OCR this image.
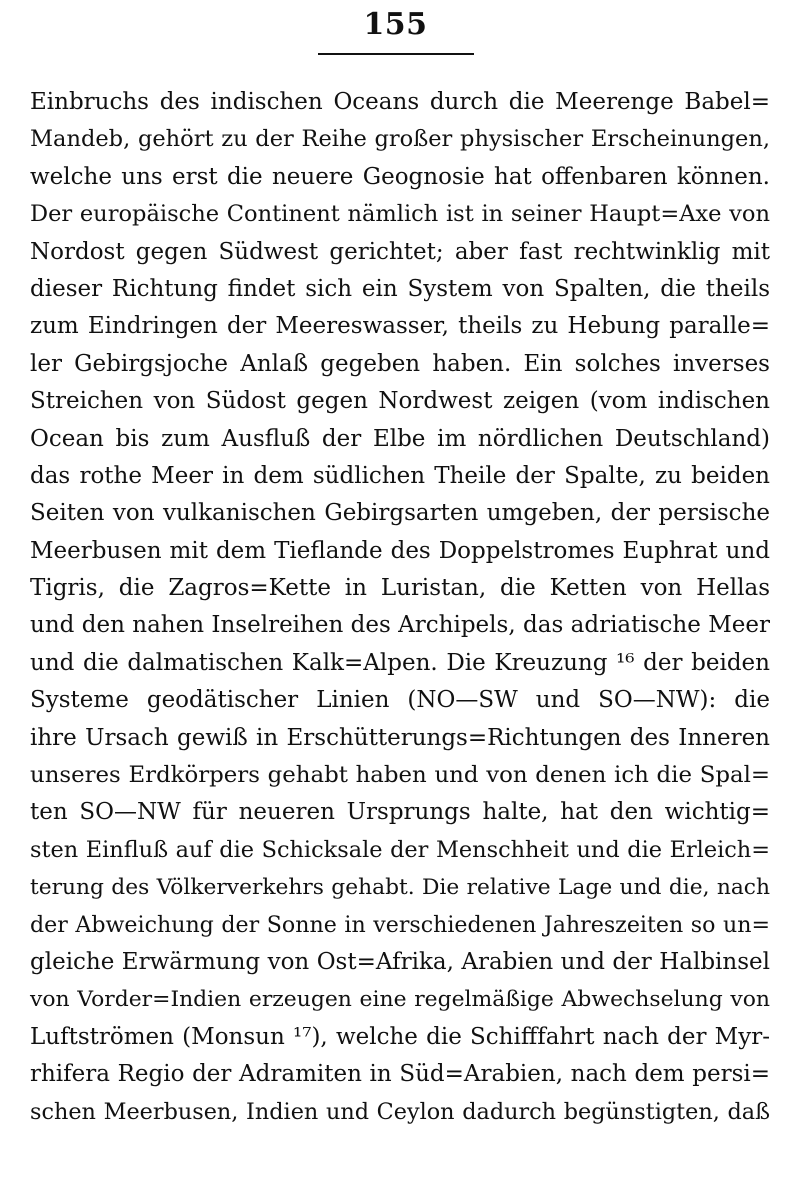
155
Einbruchs des indischen Oceans durch die Meerenge Babel=
Mandeb, gehört zu der Reihe großer physischer Erscheinungen,
welche uns erst die neuere Geognosie hat offenbaren können.
Der europäische Continent nämlich ist in seiner Haupt=Axe von
Nordost gegen Südwest gerichtet; aber fast rechtwinklig mit
dieser Richtung findet sich ein System von Spalten, die theils
zum Eindringen der Meereswasser, theils zu Hebung paralle=
ler Gebirgsjoche Anlaß gegeben haben. Ein solches inverses
Streichen von Südost gegen Nordwest zeigen (vom indischen
Ocean bis zum Ausfluß der Elbe im nördlichen Deutschland)
das rothe Meer in dem südlichen Theile der Spalte, zu beiden
Seiten von vulkanischen Gebirgsarten umgeben, der persische
Meerbusen mit dem Tieflande des Doppelstromes Euphrat und
Tigris, die Zagros=Kette in Luristan, die Ketten von Hellas
und den nahen Inselreihen des Archipels, das adriatische Meer
und die dalmatischen Kalk=Alpen. Die Kreuzung ¹⁶ der beiden
Systeme geodätischer Linien (NO—SW und SO—NW): die
ihre Ursach gewiß in Erschütterungs=Richtungen des Inneren
unseres Erdkörpers gehabt haben und von denen ich die Spal=
ten SO—NW für neueren Ursprungs halte, hat den wichtig=
sten Einfluß auf die Schicksale der Menschheit und die Erleich=
terung des Völkerverkehrs gehabt. Die relative Lage und die, nach
der Abweichung der Sonne in verschiedenen Jahreszeiten so un=
gleiche Erwärmung von Ost=Afrika, Arabien und der Halbinsel
von Vorder=Indien erzeugen eine regelmäßige Abwechselung von
Luftströmen (Monsun ¹⁷), welche die Schifffahrt nach der Myr-
rhifera Regio der Adramiten in Süd=Arabien, nach dem persi=
schen Meerbusen, Indien und Ceylon dadurch begünstigten, daß
